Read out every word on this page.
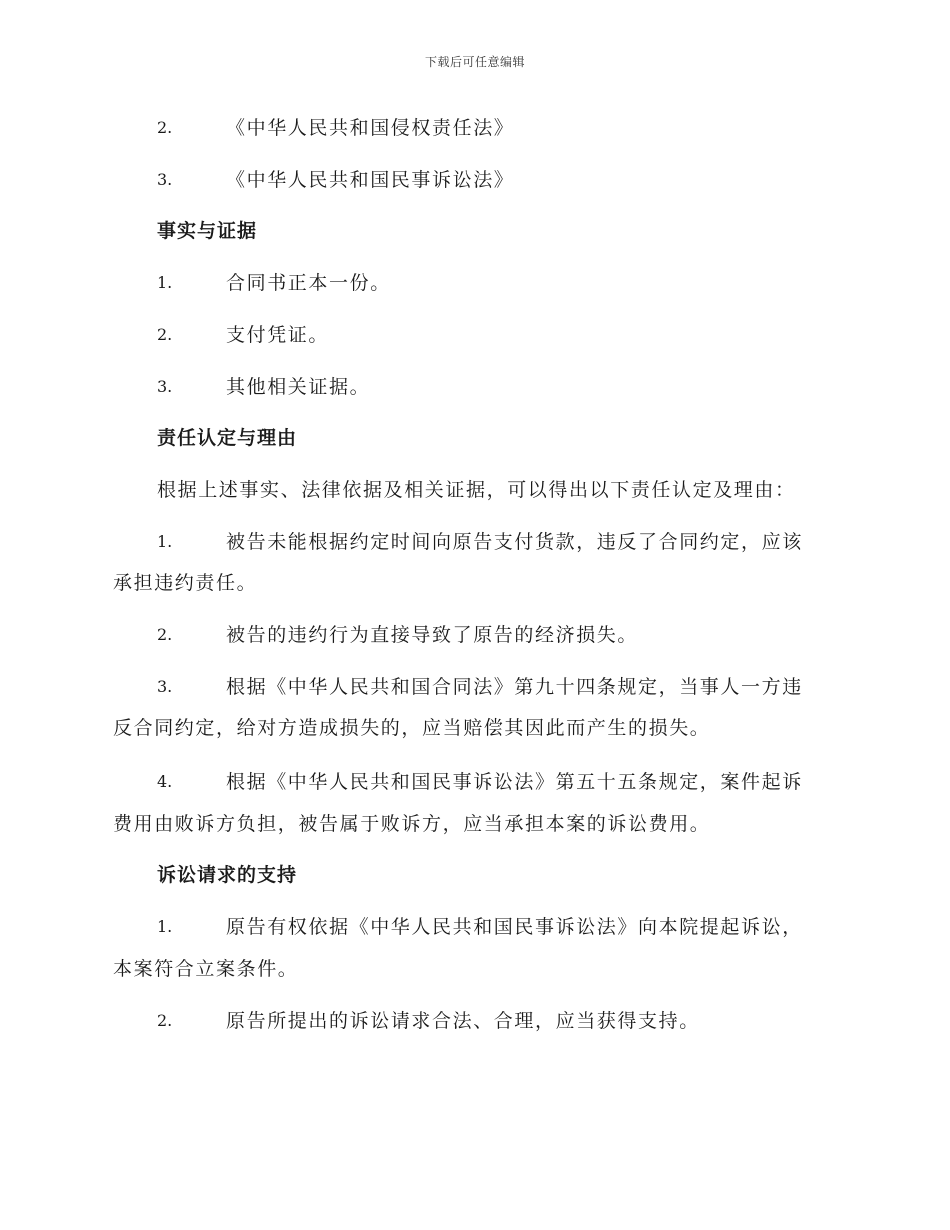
下载后可任意编辑
2.	《中华人民共和国侵权责任法》
3.	《中华人民共和国民事诉讼法》
事实与证据
1.	合同书正本一份。
2.	支付凭证。
3.	其他相关证据。
责任认定与理由
根据上述事实、法律依据及相关证据，可以得出以下责任认定及理由：
1.	被告未能根据约定时间向原告支付货款，违反了合同约定，应该
承担违约责任。
2.	被告的违约行为直接导致了原告的经济损失。
3.	根据《中华人民共和国合同法》第九十四条规定，当事人一方违
反合同约定，给对方造成损失的，应当赔偿其因此而产生的损失。
4.	根据《中华人民共和国民事诉讼法》第五十五条规定，案件起诉
费用由败诉方负担，被告属于败诉方，应当承担本案的诉讼费用。
诉讼请求的支持
1.	原告有权依据《中华人民共和国民事诉讼法》向本院提起诉讼，
本案符合立案条件。
2.	原告所提出的诉讼请求合法、合理，应当获得支持。
